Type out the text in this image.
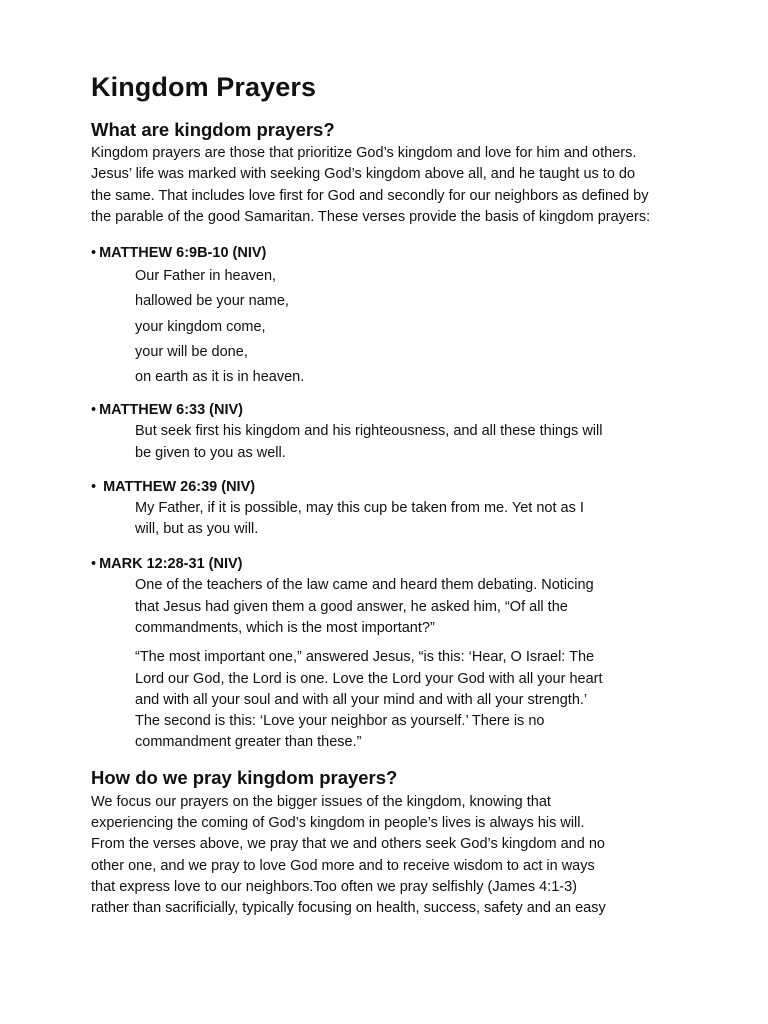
Kingdom Prayers
What are kingdom prayers?

Kingdom prayers are those that prioritize God’s kingdom and love for him and others.

Jesus’ life was marked with seeking God’s kingdom above all, and he taught us to do

the same. That includes love first for God and secondly for our neighbors as defined by

the parable of the good Samaritan. These verses provide the basis of kingdom prayers:

• MATTHEW 6:9B-10 (NIV)

Our Father in heaven,

hallowed be your name,

your kingdom come,

your will be done,

on earth as it is in heaven.

• MATTHEW 6:33 (NIV)

But seek first his kingdom and his righteousness, and all these things will

be given to you as well.

• MATTHEW 26:39 (NIV)

My Father, if it is possible, may this cup be taken from me. Yet not as I

will, but as you will.

• MARK 12:28-31 (NIV)

One of the teachers of the law came and heard them debating. Noticing

that Jesus had given them a good answer, he asked him, “Of all the

commandments, which is the most important?”

“The most important one,” answered Jesus, “is this: ‘Hear, O Israel: The

Lord our God, the Lord is one. Love the Lord your God with all your heart

and with all your soul and with all your mind and with all your strength.’

The second is this: ‘Love your neighbor as yourself.’ There is no

commandment greater than these.”

How do we pray kingdom prayers?

We focus our prayers on the bigger issues of the kingdom, knowing that

experiencing the coming of God’s kingdom in people’s lives is always his will.

From the verses above, we pray that we and others seek God’s kingdom and no

other one, and we pray to love God more and to receive wisdom to act in ways

that express love to our neighbors.Too often we pray selfishly (James 4:1-3)

rather than sacrificially, typically focusing on health, success, safety and an easy
